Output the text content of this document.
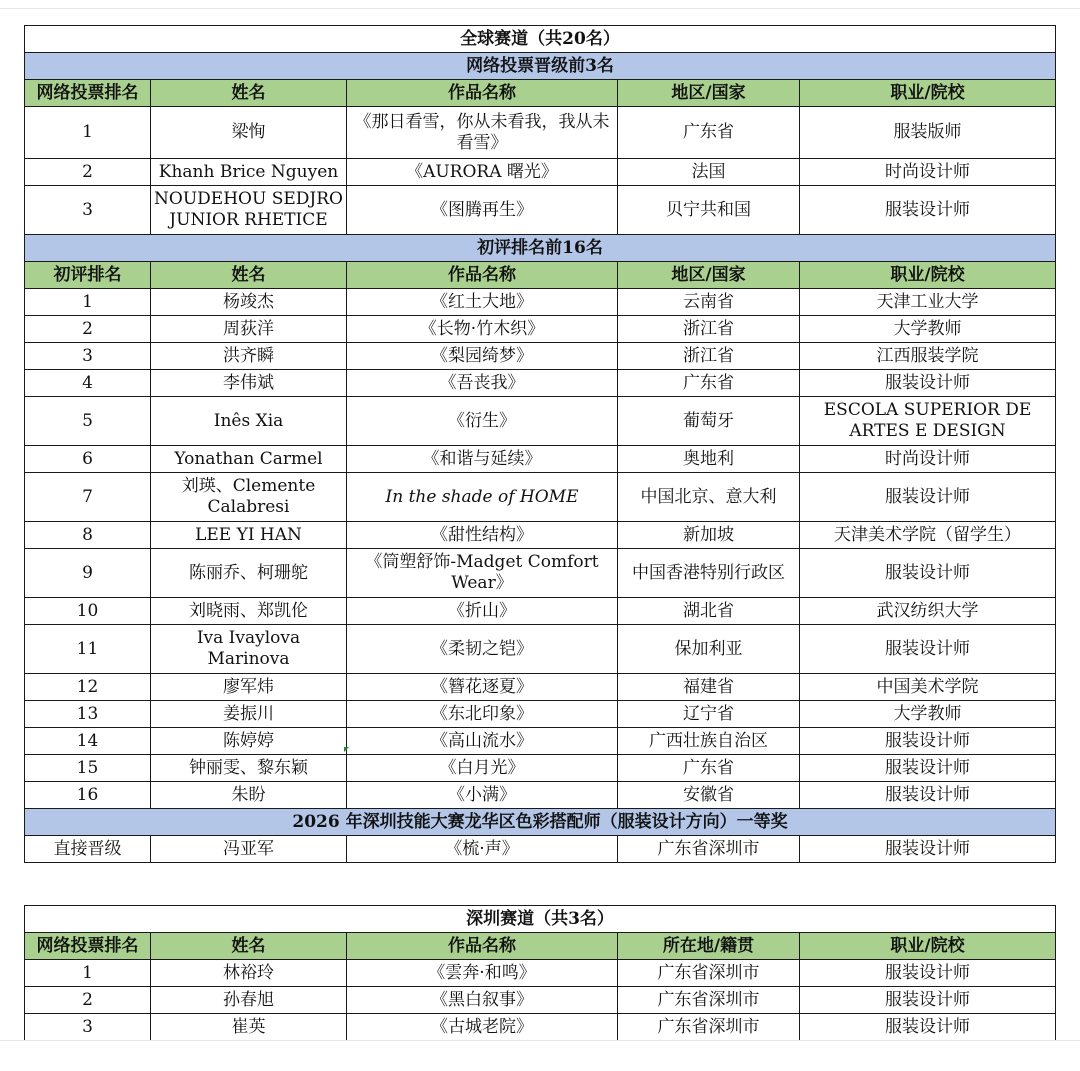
全球赛道（共20名）				
网络投票晋级前3名				
网络投票排名	姓名	作品名称	地区/国家	职业/院校
1	梁恂	《那日看雪，你从未看我，我从未看雪》	广东省	服装版师
2	Khanh Brice Nguyen	《AURORA 曙光》	法国	时尚设计师
3	NOUDEHOU SEDJRO JUNIOR RHETICE	《图腾再生》	贝宁共和国	服装设计师
初评排名前16名				
初评排名	姓名	作品名称	地区/国家	职业/院校
1	杨竣杰	《红土大地》	云南省	天津工业大学
2	周荻洋	《长物·竹木织》	浙江省	大学教师
3	洪齐瞬	《梨园绮梦》	浙江省	江西服装学院
4	李伟斌	《吾丧我》	广东省	服装设计师
5	Inês Xia	《衍生》	葡萄牙	ESCOLA SUPERIOR DE ARTES E DESIGN
6	Yonathan Carmel	《和谐与延续》	奥地利	时尚设计师
7	刘瑛、Clemente Calabresi	In the shade of HOME	中国北京、意大利	服装设计师
8	LEE YI HAN	《甜性结构》	新加坡	天津美术学院（留学生）
9	陈丽乔、柯珊鸵	《筒塑舒饰-Madget Comfort Wear》	中国香港特别行政区	服装设计师
10	刘晓雨、郑凯伦	《折山》	湖北省	武汉纺织大学
11	Iva Ivaylova Marinova	《柔韧之铠》	保加利亚	服装设计师
12	廖军炜	《簪花逐夏》	福建省	中国美术学院
13	姜振川	《东北印象》	辽宁省	大学教师
14	陈婷婷	《高山流水》	广西壮族自治区	服装设计师
15	钟丽雯、黎东颖	《白月光》	广东省	服装设计师
16	朱盼	《小满》	安徽省	服装设计师
2026 年深圳技能大赛龙华区色彩搭配师（服装设计方向）一等奖				
直接晋级	冯亚军	《梳·声》	广东省深圳市	服装设计师
深圳赛道（共3名）				
网络投票排名	姓名	作品名称	所在地/籍贯	职业/院校
1	林裕玲	《雲奔·和鸣》	广东省深圳市	服装设计师
2	孙春旭	《黑白叙事》	广东省深圳市	服装设计师
3	崔英	《古城老院》	广东省深圳市	服装设计师
